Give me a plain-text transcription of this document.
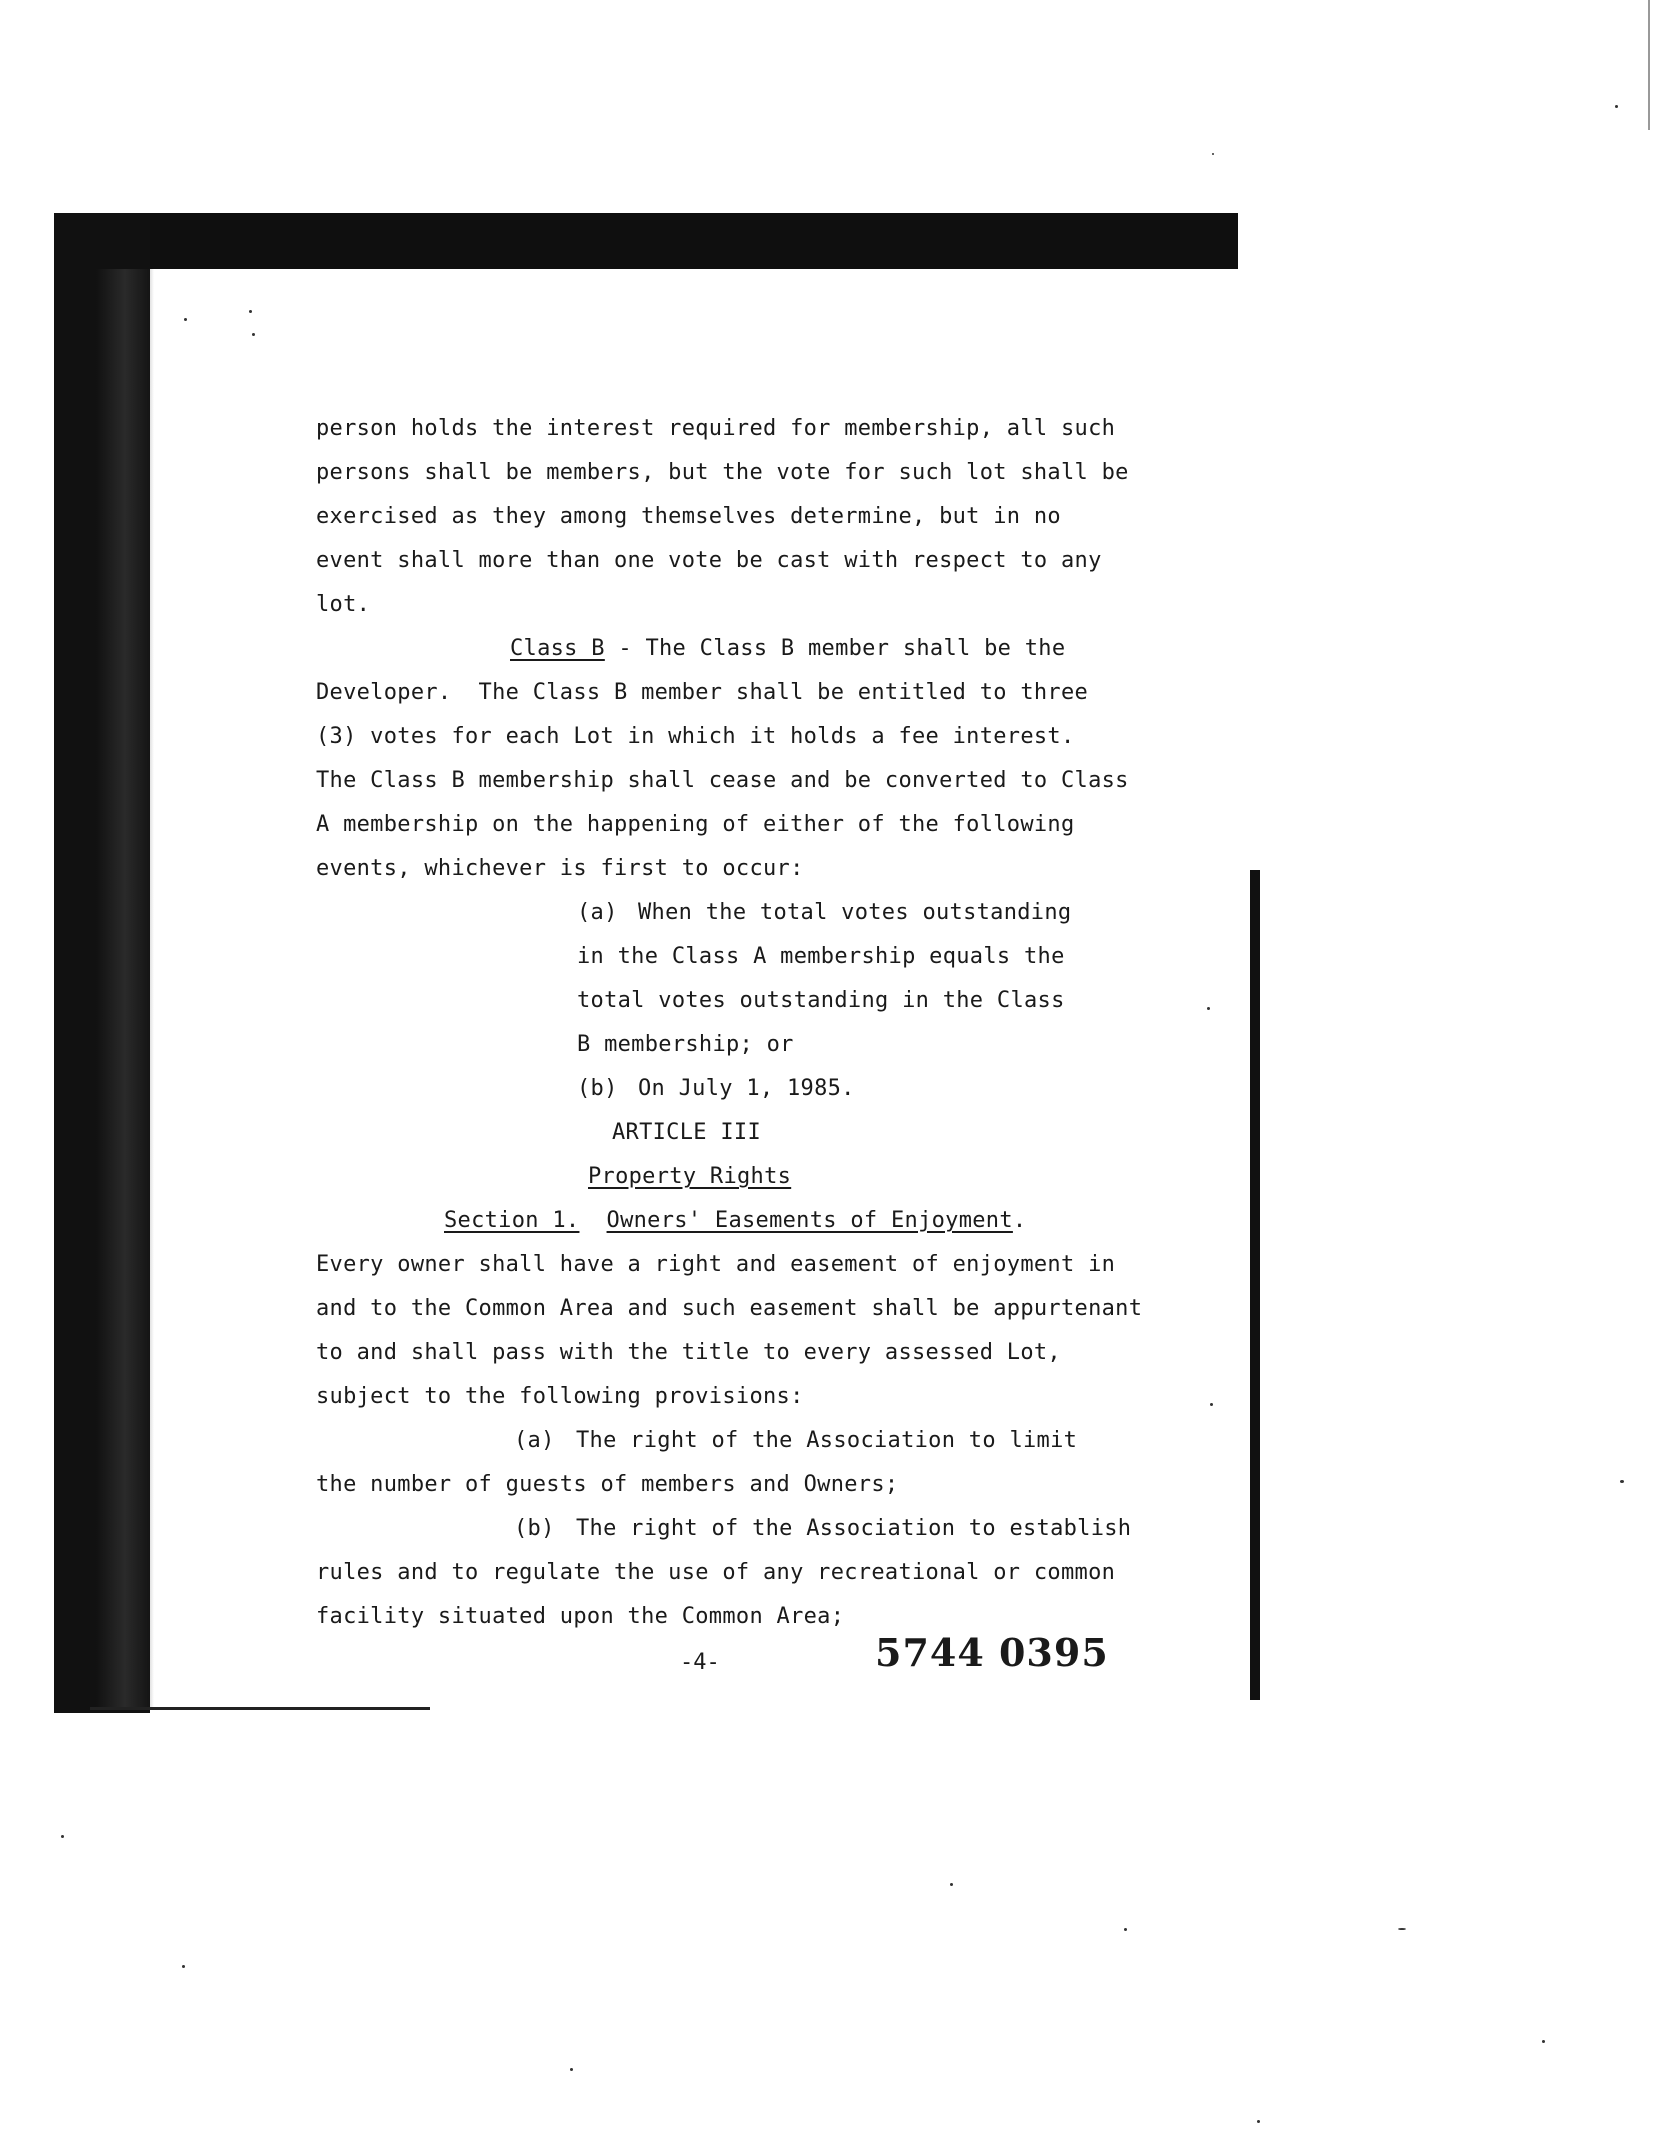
person holds the interest required for membership, all such
persons shall be members, but the vote for such lot shall be
exercised as they among themselves determine, but in no
event shall more than one vote be cast with respect to any
lot.
Class B - The Class B member shall be the
Developer.  The Class B member shall be entitled to three
(3) votes for each Lot in which it holds a fee interest.
The Class B membership shall cease and be converted to Class
A membership on the happening of either of the following
events, whichever is first to occur:
(a) When the total votes outstanding
in the Class A membership equals the
total votes outstanding in the Class
B membership; or
(b) On July 1, 1985.
ARTICLE III
Property Rights
Section 1. Owners' Easements of Enjoyment.
Every owner shall have a right and easement of enjoyment in
and to the Common Area and such easement shall be appurtenant
to and shall pass with the title to every assessed Lot,
subject to the following provisions:
(a) The right of the Association to limit
the number of guests of members and Owners;
(b) The right of the Association to establish
rules and to regulate the use of any recreational or common
facility situated upon the Common Area;
-4-	5744 0395
